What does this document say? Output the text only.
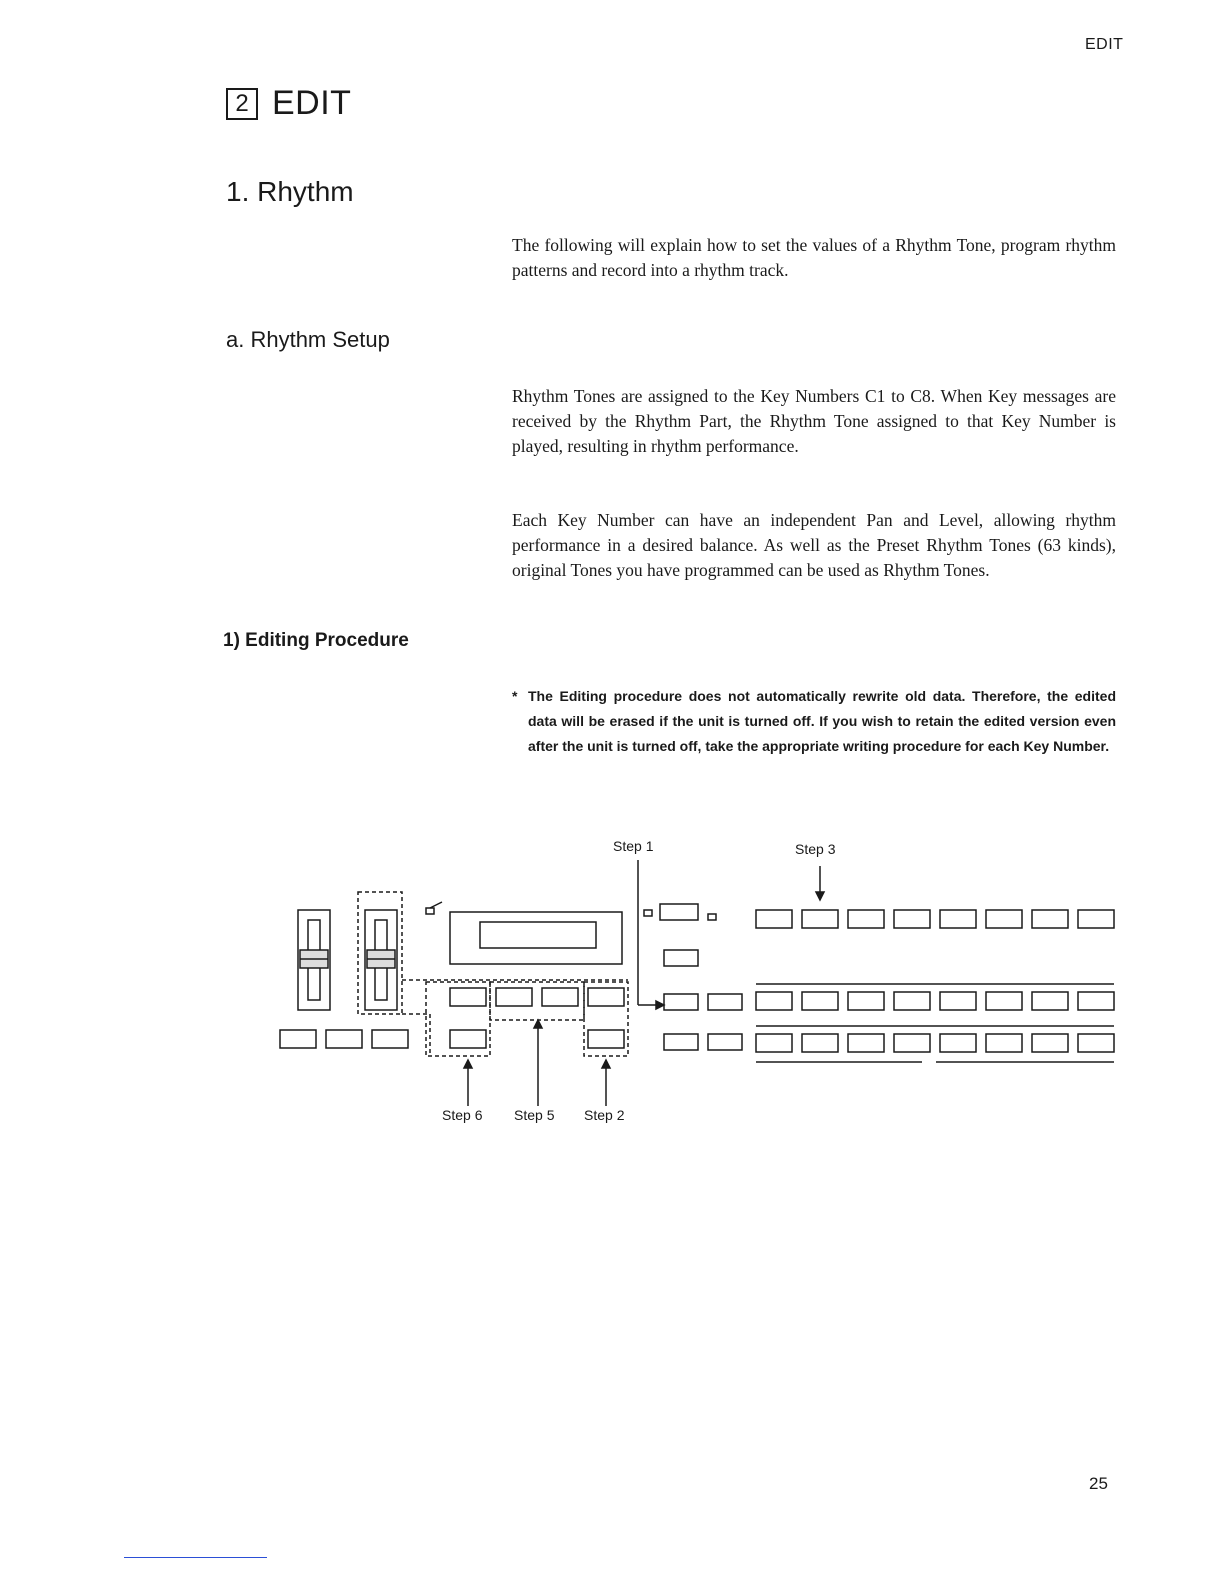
EDIT
2 EDIT
1. Rhythm
The following will explain how to set the values of a Rhythm Tone, program rhythm patterns and record into a rhythm track.
a. Rhythm Setup
Rhythm Tones are assigned to the Key Numbers C1 to C8. When Key messages are received by the Rhythm Part, the Rhythm Tone assigned to that Key Number is played, resulting in rhythm performance.
Each Key Number can have an independent Pan and Level, allowing rhythm performance in a desired balance. As well as the Preset Rhythm Tones (63 kinds), original Tones you have programmed can be used as Rhythm Tones.
1) Editing Procedure
* The Editing procedure does not automatically rewrite old data. Therefore, the edited data will be erased if the unit is turned off. If you wish to retain the edited version even after the unit is turned off, take the appropriate writing procedure for each Key Number.
Step 1	Step 3
Step 6 Step 5 Step 2
25
